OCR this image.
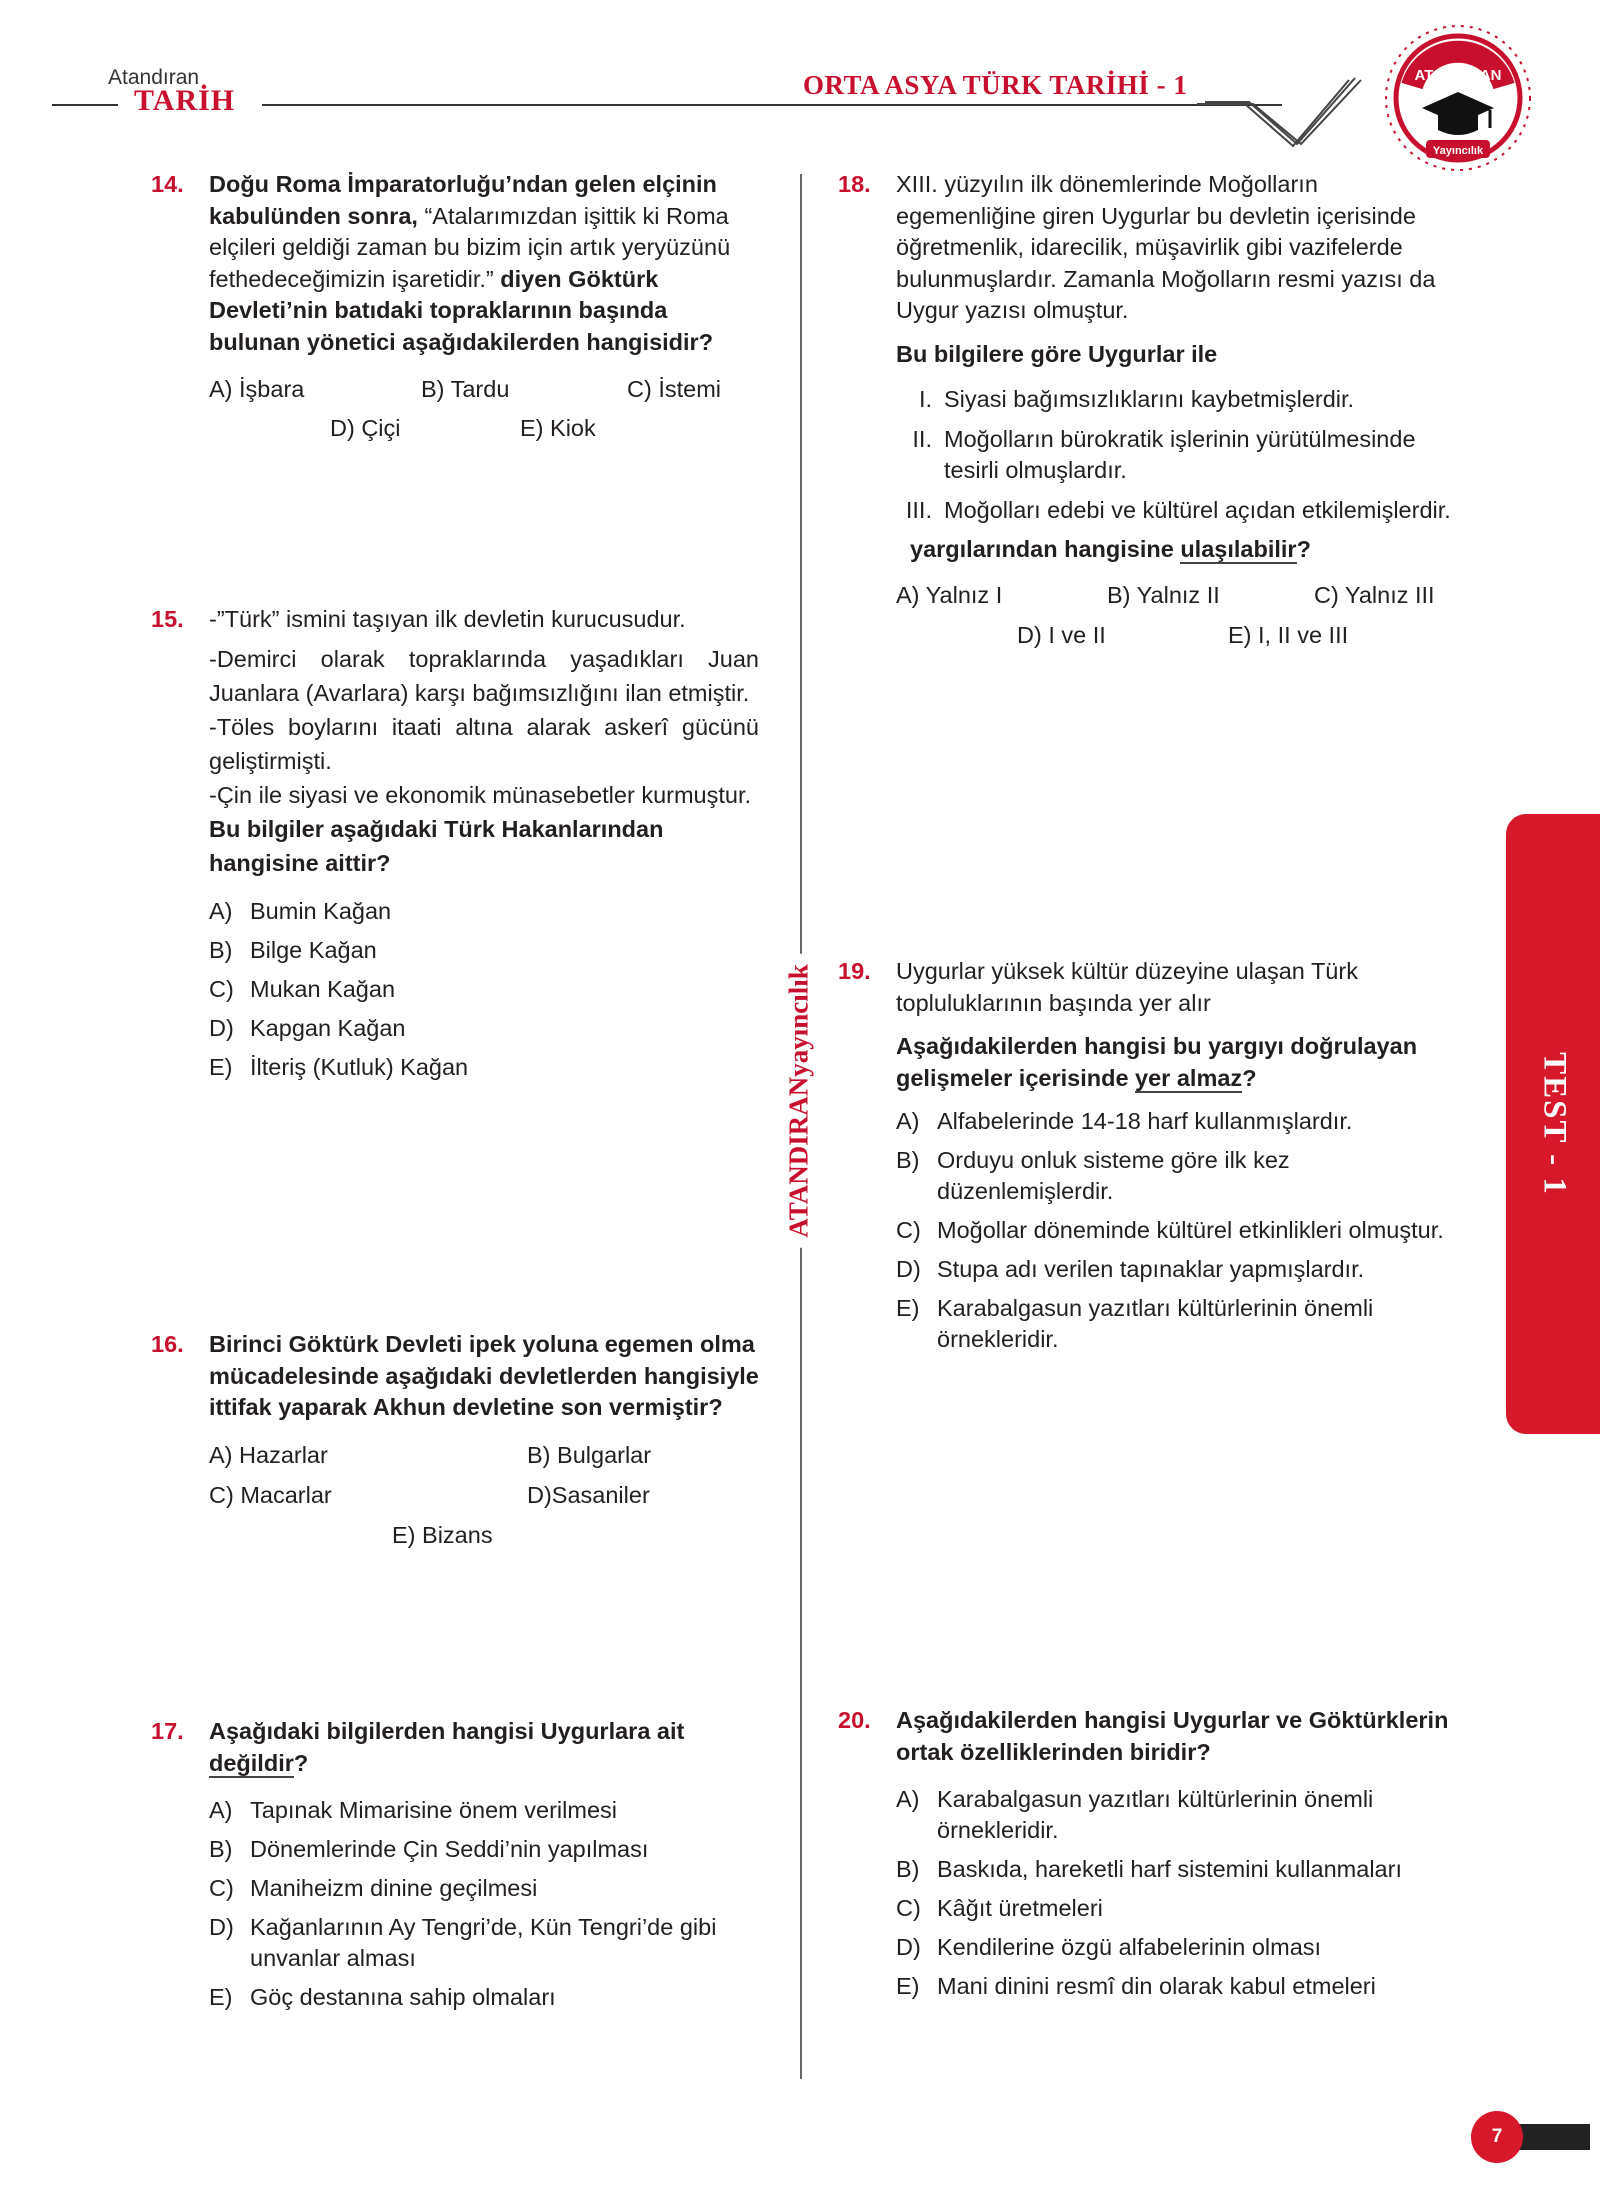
Atandıran
TARİH	ORTA ASYA TÜRK TARİHİ - 1	ATANDIRAN
Yayıncılık
ATANDIRANyayıncılık	TEST - 1
14. Doğu Roma İmparatorluğu’ndan gelen elçinin kabulünden sonra, “Atalarımızdan işittik ki Roma elçileri geldiği zaman bu bizim için artık yeryüzünü fethedeceğimizin işaretidir.” diyen Göktürk Devleti’nin batıdaki topraklarının başında bulunan yönetici aşağıdakilerden hangisidir?

A) İşbara	B) Tardu	C) İstemi
D) Çiçi	E) Kiok
15. -”Türk” ismini taşıyan ilk devletin kurucusudur.
-Demirci olarak topraklarında yaşadıkları Juan Juanlara (Avarlara) karşı bağımsızlığını ilan etmiştir.
-Töles boylarını itaati altına alarak askerî gücünü geliştirmişti.
-Çin ile siyasi ve ekonomik münasebetler kurmuştur.
Bu bilgiler aşağıdaki Türk Hakanlarından hangisine aittir?
A) Bumin Kağan
B) Bilge Kağan
C) Mukan Kağan
D) Kapgan Kağan
E) İlteriş (Kutluk) Kağan
16. Birinci Göktürk Devleti ipek yoluna egemen olma mücadelesinde aşağıdaki devletlerden hangisiyle ittifak yaparak Akhun devletine son vermiştir?

A) Hazarlar	B) Bulgarlar
C) Macarlar	D)Sasaniler
E) Bizans
17. Aşağıdaki bilgilerden hangisi Uygurlara ait değildir?

A) Tapınak Mimarisine önem verilmesi
B) Dönemlerinde Çin Seddi’nin yapılması
C) Maniheizm dinine geçilmesi
D) Kağanlarının Ay Tengri’de, Kün Tengri’de gibi unvanlar alması
E) Göç destanına sahip olmaları
18. XIII. yüzyılın ilk dönemlerinde Moğolların egemenliğine giren Uygurlar bu devletin içerisinde öğretmenlik, idarecilik, müşavirlik gibi vazifelerde bulunmuşlardır. Zamanla Moğolların resmi yazısı da Uygur yazısı olmuştur.

Bu bilgilere göre Uygurlar ile
I. Siyasi bağımsızlıklarını kaybetmişlerdir.
II. Moğolların bürokratik işlerinin yürütülmesinde tesirli olmuşlardır.
III. Moğolları edebi ve kültürel açıdan etkilemişlerdir.
yargılarından hangisine ulaşılabilir?
A) Yalnız I	B) Yalnız II	C) Yalnız III
D) I ve II	E) I, II ve III
19. Uygurlar yüksek kültür düzeyine ulaşan Türk topluluklarının başında yer alır

Aşağıdakilerden hangisi bu yargıyı doğrulayan gelişmeler içerisinde yer almaz?
A) Alfabelerinde 14-18 harf kullanmışlardır.
B) Orduyu onluk sisteme göre ilk kez düzenlemişlerdir.
C) Moğollar döneminde kültürel etkinlikleri olmuştur.
D) Stupa adı verilen tapınaklar yapmışlardır.
E) Karabalgasun yazıtları kültürlerinin önemli örnekleridir.
20. Aşağıdakilerden hangisi Uygurlar ve Göktürklerin ortak özelliklerinden biridir?

A) Karabalgasun yazıtları kültürlerinin önemli örnekleridir.
B) Baskıda, hareketli harf sistemini kullanmaları
C) Kâğıt üretmeleri
D) Kendilerine özgü alfabelerinin olması
E) Mani dinini resmî din olarak kabul etmeleri
7
